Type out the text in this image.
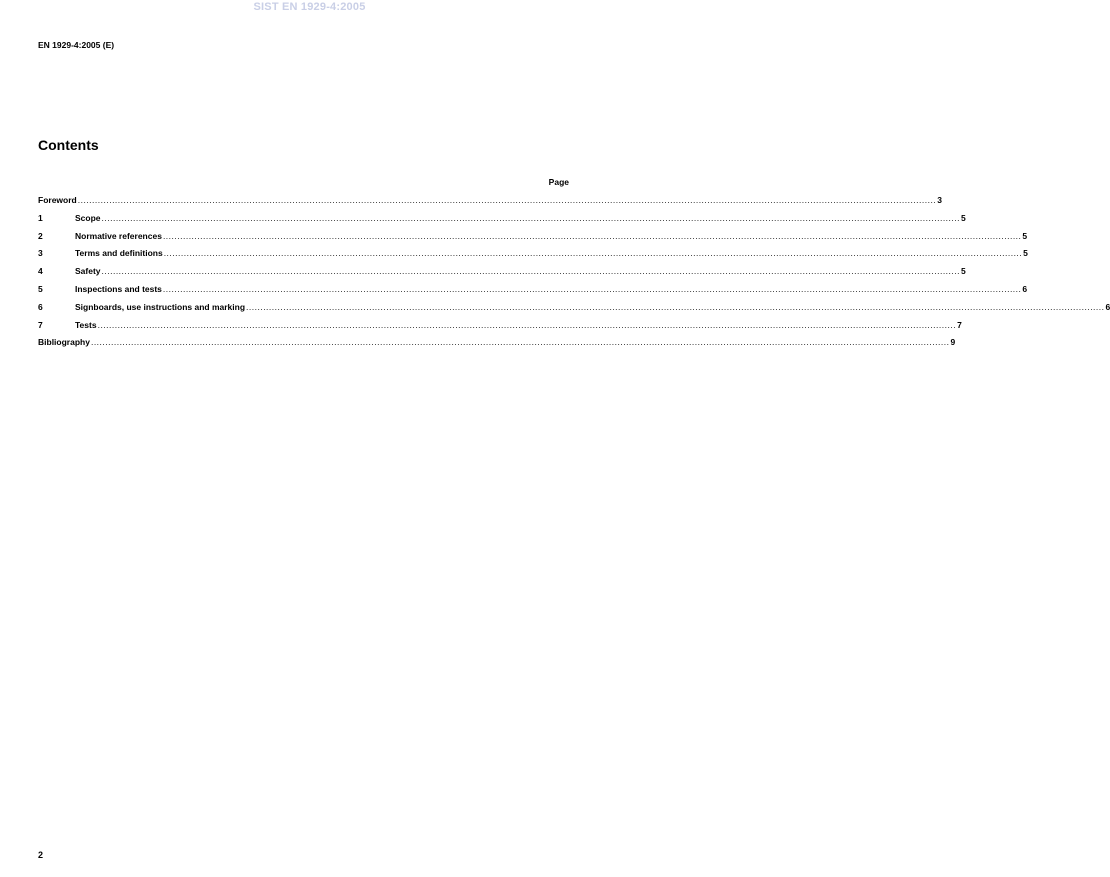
SIST EN 1929-4:2005
EN 1929-4:2005 (E)
Contents
Page
Foreword ............................................................................................................................................................................................................................................................................................................ 3
1	Scope ............................................................................................................................................................................................................................................................................................................ 5
2	Normative references ............................................................................................................................................................................................................................................................................................................ 5
3	Terms and definitions ............................................................................................................................................................................................................................................................................................................ 5
4	Safety ............................................................................................................................................................................................................................................................................................................ 5
5	Inspections and tests ............................................................................................................................................................................................................................................................................................................ 6
6	Signboards, use instructions and marking ............................................................................................................................................................................................................................................................................................................ 6
7	Tests ............................................................................................................................................................................................................................................................................................................ 7
Bibliography ............................................................................................................................................................................................................................................................................................................ 9
2
